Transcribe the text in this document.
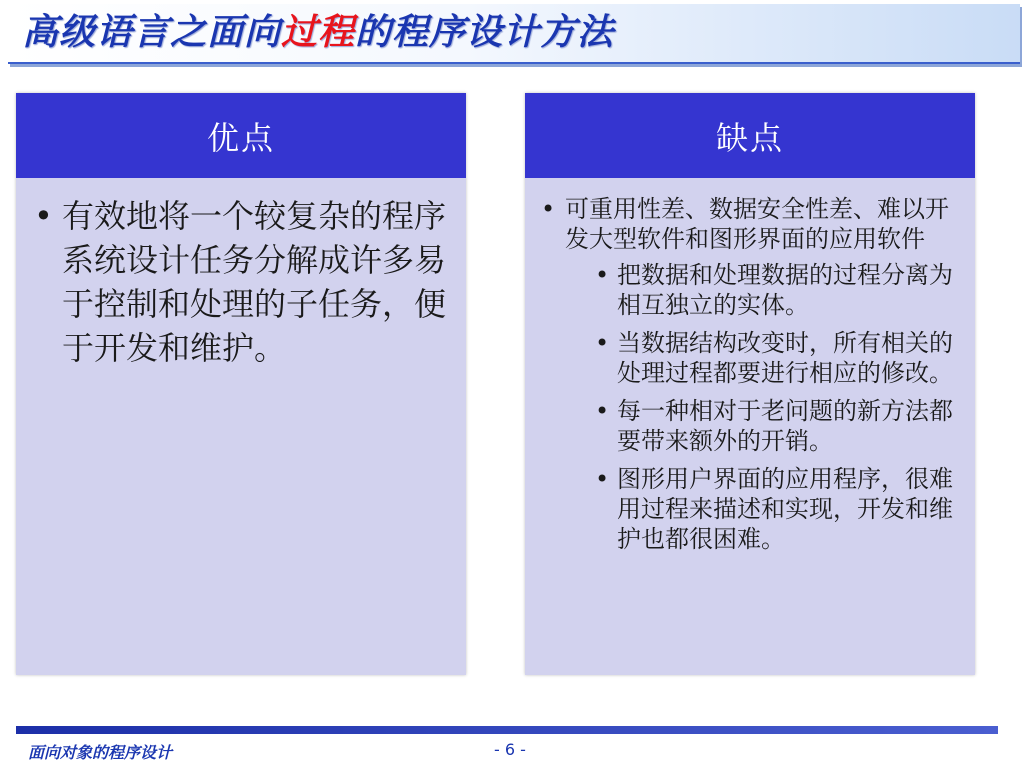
高级语言之面向过程的程序设计方法
优点
• 有效地将一个较复杂的程序系统设计任务分解成许多易于控制和处理的子任务，便于开发和维护。
缺点
• 可重用性差、数据安全性差、难以开发大型软件和图形界面的应用软件
• 把数据和处理数据的过程分离为相互独立的实体。
• 当数据结构改变时，所有相关的处理过程都要进行相应的修改。
• 每一种相对于老问题的新方法都要带来额外的开销。
• 图形用户界面的应用程序，很难用过程来描述和实现，开发和维护也都很困难。
面向对象的程序设计	- 6 -
